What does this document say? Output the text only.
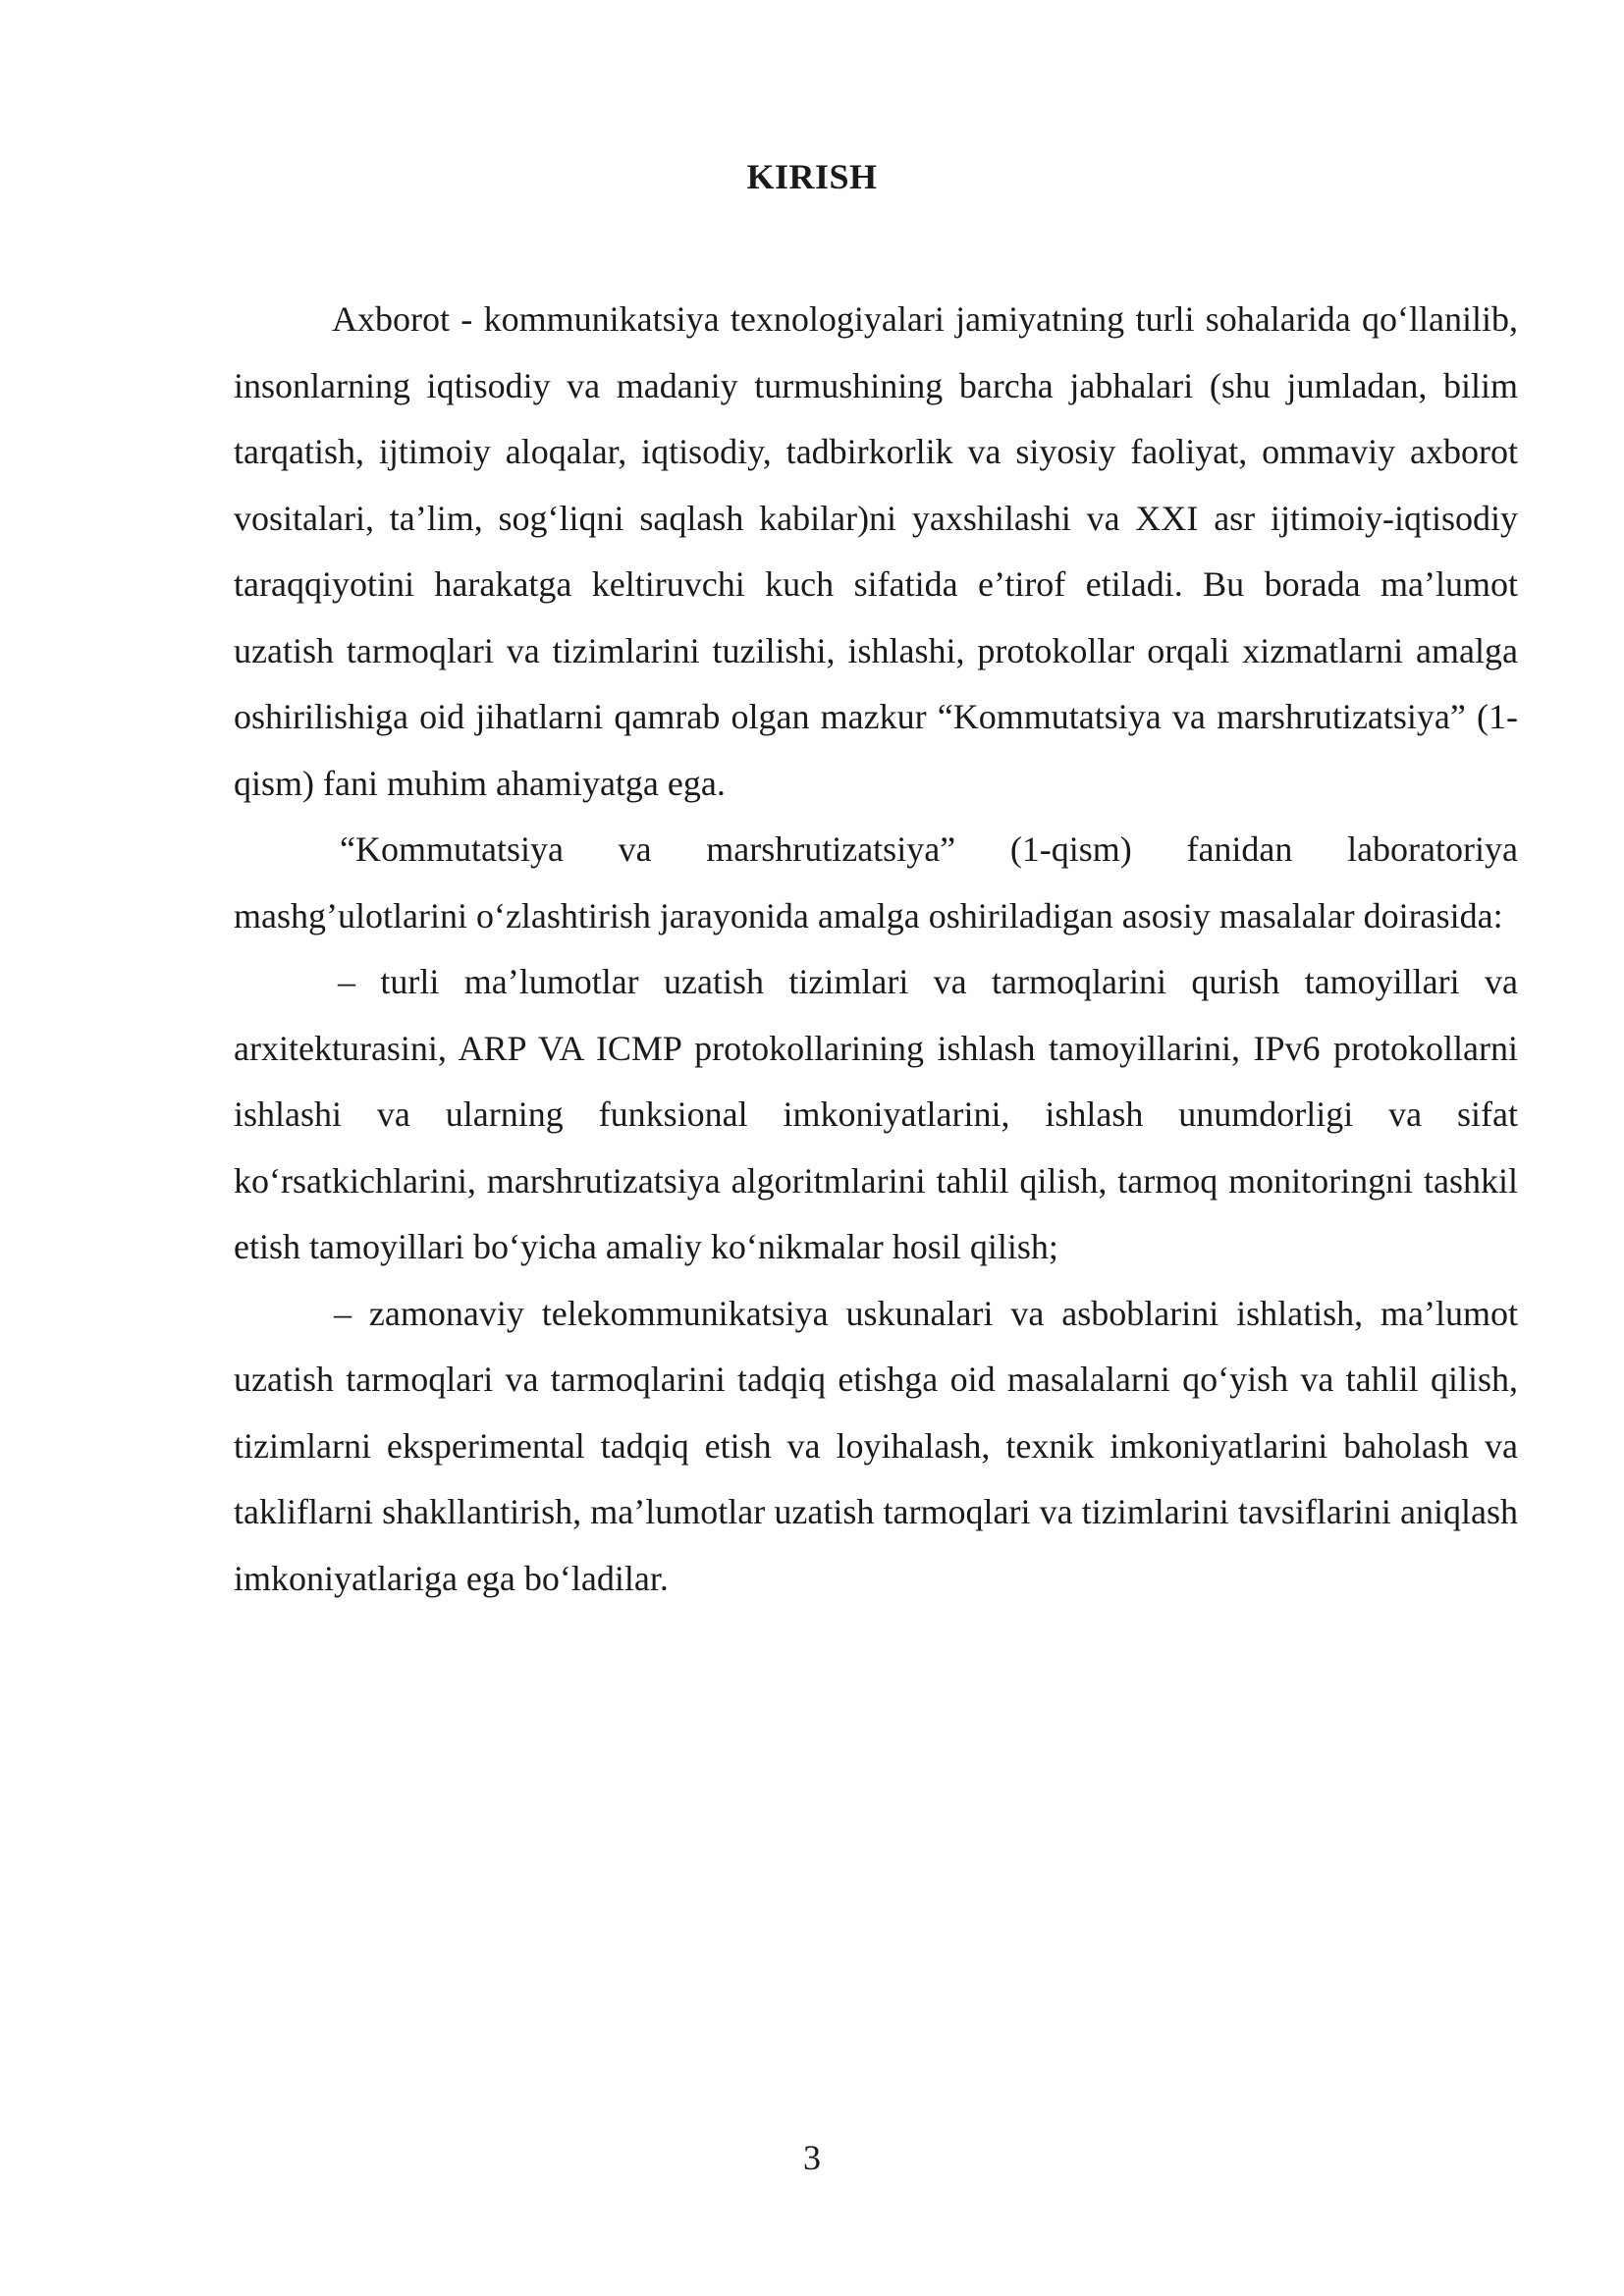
KIRISH

Axborot - kommunikatsiya texnologiyalari jamiyatning turli sohalarida qo‘llanilib, insonlarning iqtisodiy va madaniy turmushining barcha jabhalari (shu jumladan, bilim tarqatish, ijtimoiy aloqalar, iqtisodiy, tadbirkorlik va siyosiy faoliyat, ommaviy axborot vositalari, ta’lim, sog‘liqni saqlash kabilar)ni yaxshilashi va XXI asr ijtimoiy-iqtisodiy taraqqiyotini harakatga keltiruvchi kuch sifatida e’tirof etiladi. Bu borada ma’lumot uzatish tarmoqlari va tizimlarini tuzilishi, ishlashi, protokollar orqali xizmatlarni amalga oshirilishiga oid jihatlarni qamrab olgan mazkur “Kommutatsiya va marshrutizatsiya” (1-qism) fani muhim ahamiyatga ega.

“Kommutatsiya va marshrutizatsiya” (1-qism) fanidan laboratoriya mashg’ulotlarini o‘zlashtirish jarayonida amalga oshiriladigan asosiy masalalar doirasida:

– turli ma’lumotlar uzatish tizimlari va tarmoqlarini qurish tamoyillari va arxitekturasini, ARP VA ICMP protokollarining ishlash tamoyillarini, IPv6 protokollarni ishlashi va ularning funksional imkoniyatlarini, ishlash unumdorligi va sifat ko‘rsatkichlarini, marshrutizatsiya algoritmlarini tahlil qilish, tarmoq monitoringni tashkil etish tamoyillari bo‘yicha amaliy ko‘nikmalar hosil qilish;

– zamonaviy telekommunikatsiya uskunalari va asboblarini ishlatish, ma’lumot uzatish tarmoqlari va tarmoqlarini tadqiq etishga oid masalalarni qo‘yish va tahlil qilish, tizimlarni eksperimental tadqiq etish va loyihalash, texnik imkoniyatlarini baholash va takliflarni shakllantirish, ma’lumotlar uzatish tarmoqlari va tizimlarini tavsiflarini aniqlash imkoniyatlariga ega bo‘ladilar.

3
